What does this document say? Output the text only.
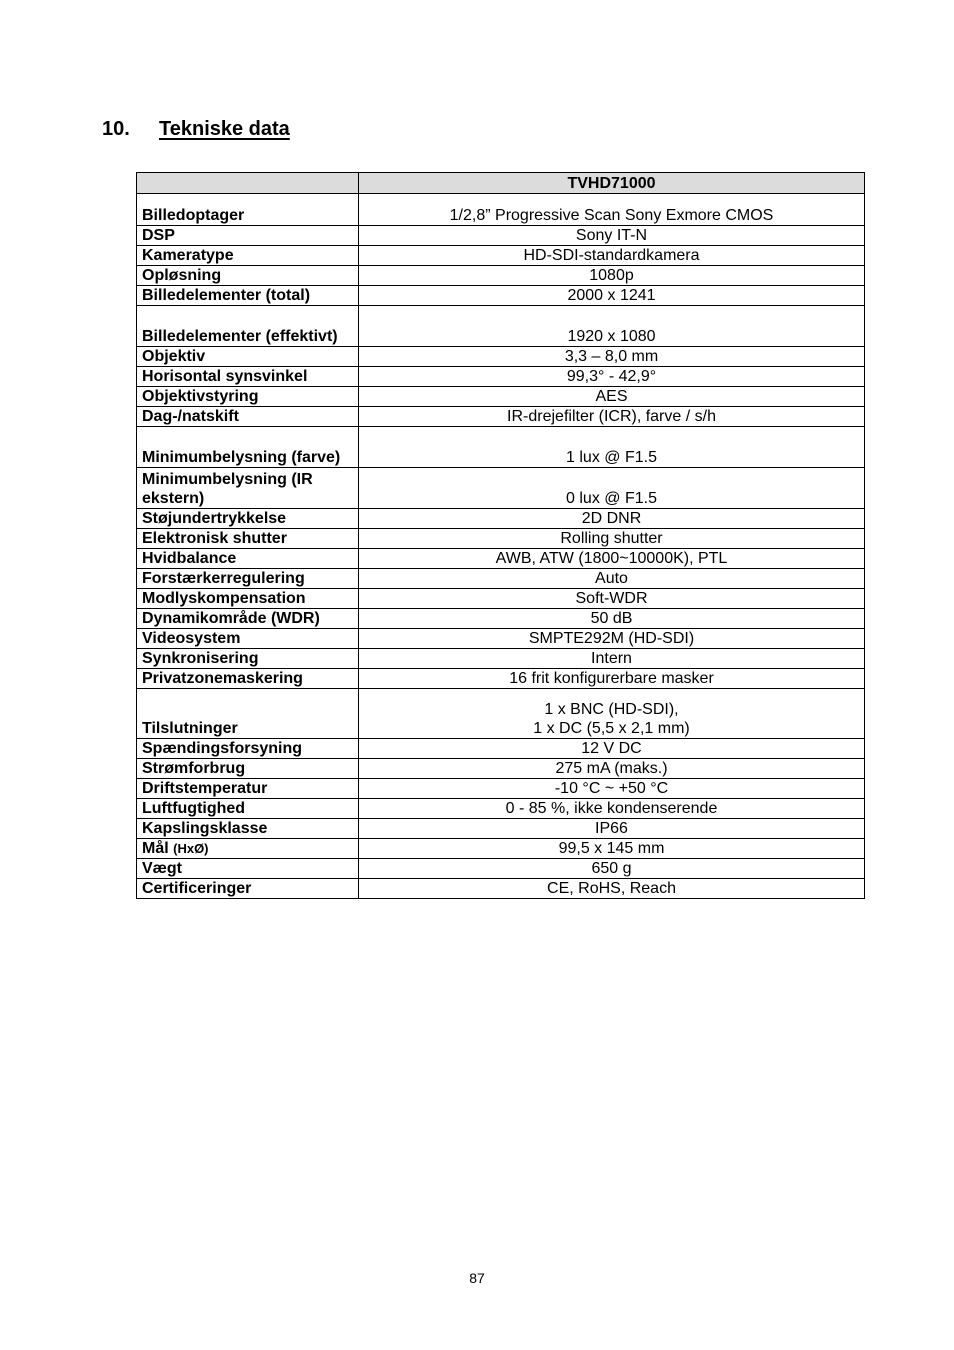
10.	Tekniske data
	TVHD71000
Billedoptager	1/2,8” Progressive Scan Sony Exmore CMOS
DSP	Sony IT-N
Kameratype	HD-SDI-standardkamera
Opløsning	1080p
Billedelementer (total)	2000 x 1241
Billedelementer (effektivt)	1920 x 1080
Objektiv	3,3 – 8,0 mm
Horisontal synsvinkel	99,3° - 42,9°
Objektivstyring	AES
Dag-/natskift	IR-drejefilter (ICR), farve / s/h
Minimumbelysning (farve)	1 lux @ F1.5
Minimumbelysning (IR ekstern)	0 lux @ F1.5
Støjundertrykkelse	2D DNR
Elektronisk shutter	Rolling shutter
Hvidbalance	AWB, ATW (1800~10000K), PTL
Forstærkerregulering	Auto
Modlyskompensation	Soft-WDR
Dynamikområde (WDR)	50 dB
Videosystem	SMPTE292M (HD-SDI)
Synkronisering	Intern
Privatzonemaskering	16 frit konfigurerbare masker
Tilslutninger	1 x BNC (HD-SDI),
1 x DC (5,5 x 2,1 mm)

Spændingsforsyning	12 V DC
Strømforbrug	275 mA (maks.)
Driftstemperatur	-10 °C ~ +50 °C
Luftfugtighed	0 - 85 %, ikke kondenserende
Kapslingsklasse	IP66
Mål (HxØ)	99,5 x 145 mm
Vægt	650 g
Certificeringer	CE, RoHS, Reach
87
